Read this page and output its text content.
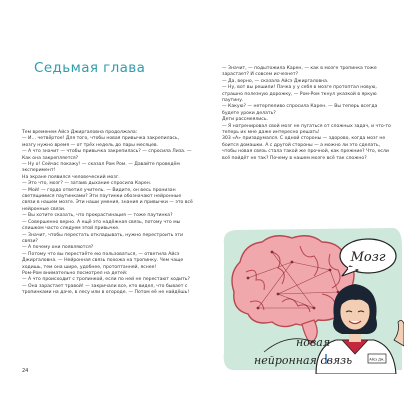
Седьмая глава

Тем временем Айсэ Джиргаловна продолжала:

— И… четвёртое! Для того, чтобы новая привычка закрепилась, мозгу нужно время — от трёх недель до пары месяцев.

— А что значит — чтобы привычка закрепилась? — спросила Лиза. — Как она закрепляется?

— Ну о! Сейчас покажу! — сказал Ром Ром. — Давайте проведём эксперимент!

На экране появился человеческий мозг.

— Это что, мозг? — затаив дыхание спросила Карен.

— Мой! — гордо ответил учитель. — Видите, он весь пронизан светящимися паутинками? Эти паутинки обозначают нейронные связи в нашем мозге. Эти наши умения, знания и привычки — это всё нейронные связи.

— Вы хотите сказать, что прокрастинация — тоже паутинка?

— Совершенно верно. А ещё это надёжная связь, потому что мы слишком часто следуем этой привычке.

— Значит, чтобы перестать откладывать, нужно перестроить эти связи?

— А почему они появляются?

— Потому что вы перестаёте ею пользоваться, — ответила Айсэ Джиргаловна. — Нейронная связь похожа на тропинку. Чем чаще ходишь, тем она шире, удобнее, протоптанней, яснее!

Ром-Ром внимательно посмотрел на детей:

— А что происходит с тропинкой, если по ней не перестают ходить?

— Она зарастает травой! — закричали все, кто видел, что бывает с тропинками на даче, в лесу или в огороде. — Потом её не найдёшь!

24

— Значит, — подытожила Карен, — как в мозге тропинка тоже зарастает? И совсем исчезнет?

— Да, верно, — сказала Айсэ Джиргаловна.

— Ну, вот вы решили! Пачка у у себя в мозге протоптал новую, страшно полезную дорожку, — Ром-Ром ткнул указкой в яркую паутину.

— Какую? — нетерпеливо спросила Карен. — Вы теперь всегда будете уроки делать?

Дети рассмеялись.

— Я натренировал свой мозг не пугаться от сложных задач, и что-то теперь их мне даже интересно решать!

303 «А» призадумался. С одной стороны — здорово, когда мозг не боится домашки. А с другой стороны — а можно ли это сделать, чтобы новая связь стала такой же прочной, как прежние? Что, если всё пойдёт не так? Почему в нашем мозге всё так сложно?

Мозг
Айсэ Дж.
новая
нейронная связь
